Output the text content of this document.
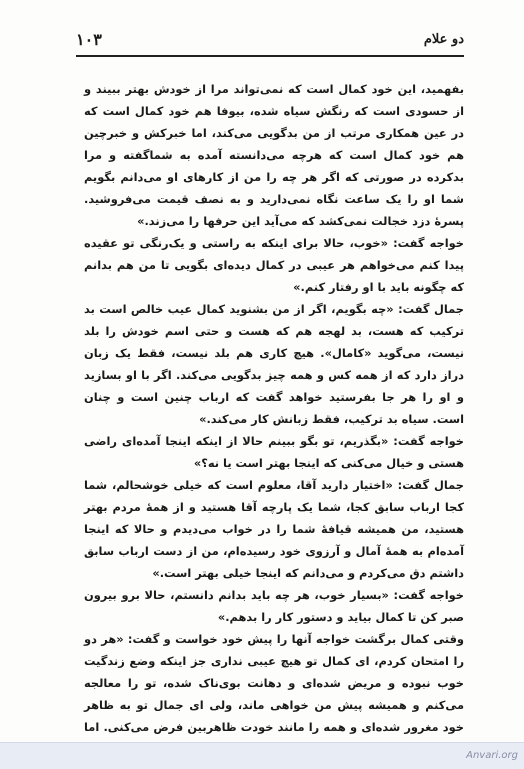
دو علام
۱۰۳

بفهمید، این خود کمال است که نمی‌تواند مرا از خودش بهتر ببیند و از حسودی است که رنگش سیاه شده، بیوفا هم خود کمال است که در عین همکاری مرتب از من بدگویی می‌کند، اما خبرکش و خبرچین هم خود کمال است که هرچه می‌دانسته آمده به شماگفته و مرا بدکرده در صورتی که اگر هر چه را من از کارهای او می‌دانم بگویم شما او را یک ساعت نگاه نمی‌دارید و به نصف قیمت می‌فروشید. پسرهٔ دزد خجالت نمی‌کشد که می‌آید این حرفها را می‌زند.»

خواجه گفت: «خوب، حالا برای اینکه به راستی و یک‌رنگی تو عقیده پیدا کنم می‌خواهم هر عیبی در کمال دیده‌ای بگویی تا من هم بدانم که چگونه باید با او رفتار کنم.»

جمال گفت: «چه بگویم، اگر از من بشنوید کمال عیب خالص است بد ترکیب که هست، بد لهجه هم که هست و حتی اسم خودش را بلد نیست، می‌گوید «کامال». هیچ کاری هم بلد نیست، فقط یک زبان دراز دارد که از همه کس و همه چیز بدگویی می‌کند. اگر با او بسازید و او را هر جا بفرستید خواهد گفت که ارباب چنین است و چنان است. سیاه بد ترکیب، فقط زبانش کار می‌کند.»

خواجه گفت: «بگذریم، تو بگو ببینم حالا از اینکه اینجا آمده‌ای راضی هستی و خیال می‌کنی که اینجا بهتر است یا نه؟»

جمال گفت: «اختیار دارید آقا، معلوم است که خیلی خوشحالم، شما کجا ارباب سابق کجا، شما یک پارچه آقا هستید و از همهٔ مردم بهتر هستید، من همیشه قیافهٔ شما را در خواب می‌دیدم و حالا که اینجا آمده‌ام به همهٔ آمال و آرزوی خود رسیده‌ام، من از دست ارباب سابق داشتم دق می‌کردم و می‌دانم که اینجا خیلی بهتر است.»

خواجه گفت: «بسیار خوب، هر چه باید بدانم دانستم، حالا برو بیرون صبر کن تا کمال بیاید و دستور کار را بدهم.»

وقتی کمال برگشت خواجه آنها را پیش خود خواست و گفت: «هر دو را امتحان کردم، ای کمال تو هیچ عیبی نداری جز اینکه وضع زندگیت خوب نبوده و مریض شده‌ای و دهانت بوی‌ناک شده، تو را معالجه می‌کنم و همیشه پیش من خواهی ماند، ولی ای جمال تو به ظاهر خود مغرور شده‌ای و همه را مانند خودت ظاهربین فرض می‌کنی. اما

Anvari.org
